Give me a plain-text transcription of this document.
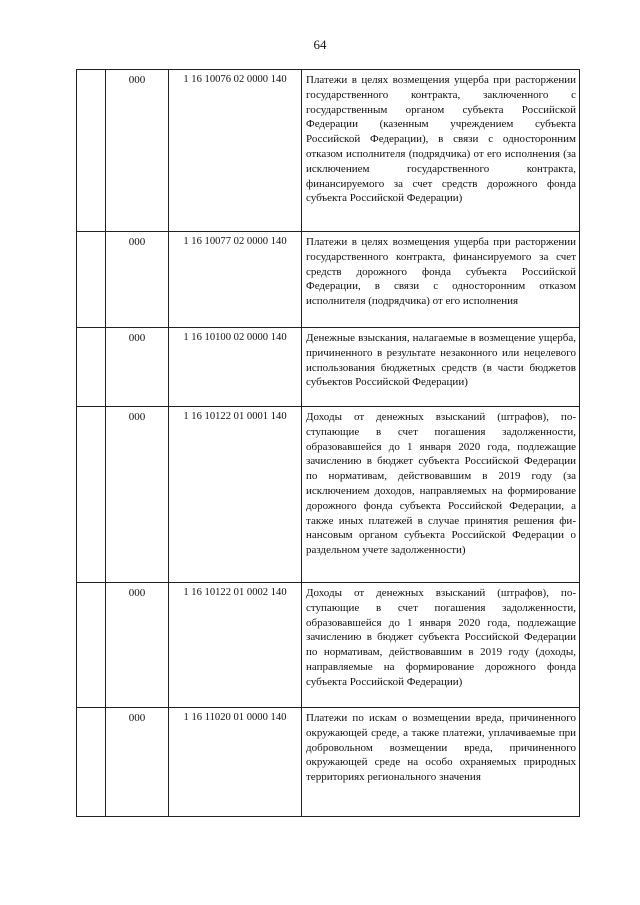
64
	000	1 16 10076 02 0000 140	Платежи в целях возмещения ущерба при расторжении государственного контракта, заключенного с государственным органом субъекта Российской Федерации (казенным учреждением субъекта Российской Федерации), в связи с односторонним отказом исполнителя (подрядчика) от его исполнения (за исключением государственного контракта, финансируемого за счет средств дорожного фонда субъекта Российской Федерации)
	000	1 16 10077 02 0000 140	Платежи в целях возмещения ущерба при расторжении государственного контракта, финансируемого за счет средств дорожного фонда субъекта Российской Федерации, в связи с односторонним отказом исполнителя (подрядчика) от его исполнения
	000	1 16 10100 02 0000 140	Денежные взыскания, налагаемые в возмещение ущерба, причиненного в результате незаконного или нецелевого использования бюджетных средств (в части бюджетов субъектов Российской Федерации)
	000	1 16 10122 01 0001 140	Доходы от денежных взысканий (штрафов), поступающие в счет погашения задолженности, образовавшейся до 1 января 2020 года, подлежащие зачислению в бюджет субъекта Российской Федерации по нормативам, действовавшим в 2019 году (за исключением доходов, направляемых на формирование дорожного фонда субъекта Российской Федерации, а также иных платежей в случае принятия решения финансовым органом субъекта Российской Федерации о раздельном учете задолженности)
	000	1 16 10122 01 0002 140	Доходы от денежных взысканий (штрафов), поступающие в счет погашения задолженности, образовавшейся до 1 января 2020 года, подлежащие зачислению в бюджет субъекта Российской Федерации по нормативам, действовавшим в 2019 году (доходы, направляемые на формирование дорожного фонда субъекта Российской Федерации)
	000	1 16 11020 01 0000 140	Платежи по искам о возмещении вреда, причиненного окружающей среде, а также платежи, уплачиваемые при добровольном возмещении вреда, причиненного окружающей среде на особо охраняемых природных территориях регионального значения
